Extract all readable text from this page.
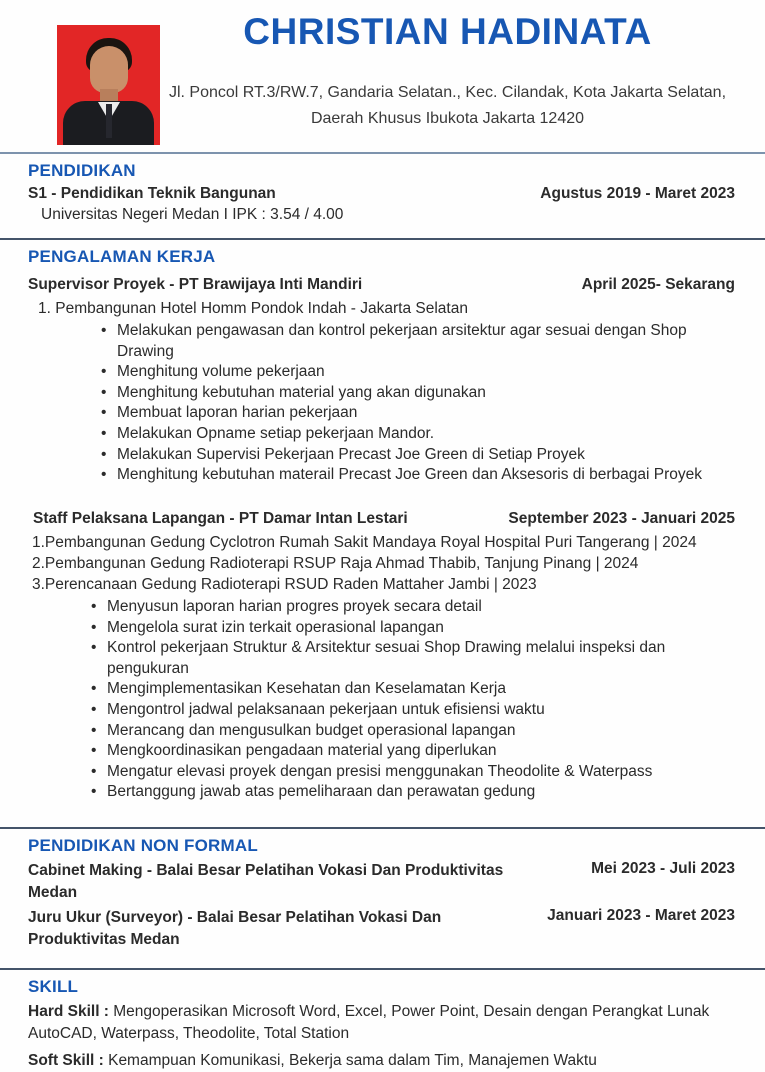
CHRISTIAN HADINATA
Jl. Poncol RT.3/RW.7, Gandaria Selatan., Kec. Cilandak, Kota Jakarta Selatan,
Daerah Khusus Ibukota Jakarta 12420
PENDIDIKAN
S1 - Pendidikan Teknik Bangunan	Agustus 2019 - Maret 2023
Universitas Negeri Medan I IPK : 3.54 / 4.00
PENGALAMAN KERJA
Supervisor Proyek - PT Brawijaya Inti Mandiri	April 2025- Sekarang
1. Pembangunan Hotel Homm Pondok Indah - Jakarta Selatan
• Melakukan pengawasan dan kontrol pekerjaan arsitektur agar sesuai dengan Shop Drawing
• Menghitung volume pekerjaan
• Menghitung kebutuhan material yang akan digunakan
• Membuat laporan harian pekerjaan
• Melakukan Opname setiap pekerjaan Mandor.
• Melakukan Supervisi Pekerjaan Precast Joe Green di Setiap Proyek
• Menghitung kebutuhan materail Precast Joe Green dan Aksesoris di berbagai Proyek
Staff Pelaksana Lapangan - PT Damar Intan Lestari	September 2023 - Januari 2025
1.Pembangunan Gedung Cyclotron Rumah Sakit Mandaya Royal Hospital Puri Tangerang | 2024
2.Pembangunan Gedung Radioterapi RSUP Raja Ahmad Thabib, Tanjung Pinang | 2024
3.Perencanaan Gedung Radioterapi RSUD Raden Mattaher Jambi | 2023
• Menyusun laporan harian progres proyek secara detail
• Mengelola surat izin terkait operasional lapangan
• Kontrol pekerjaan Struktur & Arsitektur sesuai Shop Drawing melalui inspeksi dan pengukuran
• Mengimplementasikan Kesehatan dan Keselamatan Kerja
• Mengontrol jadwal pelaksanaan pekerjaan untuk efisiensi waktu
• Merancang dan mengusulkan budget operasional lapangan
• Mengkoordinasikan pengadaan material yang diperlukan
• Mengatur elevasi proyek dengan presisi menggunakan Theodolite & Waterpass
• Bertanggung jawab atas pemeliharaan dan perawatan gedung
PENDIDIKAN NON FORMAL
Cabinet Making - Balai Besar Pelatihan Vokasi Dan Produktivitas Medan
Mei 2023 - Juli 2023
Juru Ukur (Surveyor) - Balai Besar Pelatihan Vokasi Dan Produktivitas Medan
Januari 2023 - Maret 2023
SKILL

Hard Skill : Mengoperasikan Microsoft Word, Excel, Power Point, Desain dengan Perangkat Lunak AutoCAD, Waterpass, Theodolite, Total Station

Soft Skill : Kemampuan Komunikasi, Bekerja sama dalam Tim, Manajemen Waktu
